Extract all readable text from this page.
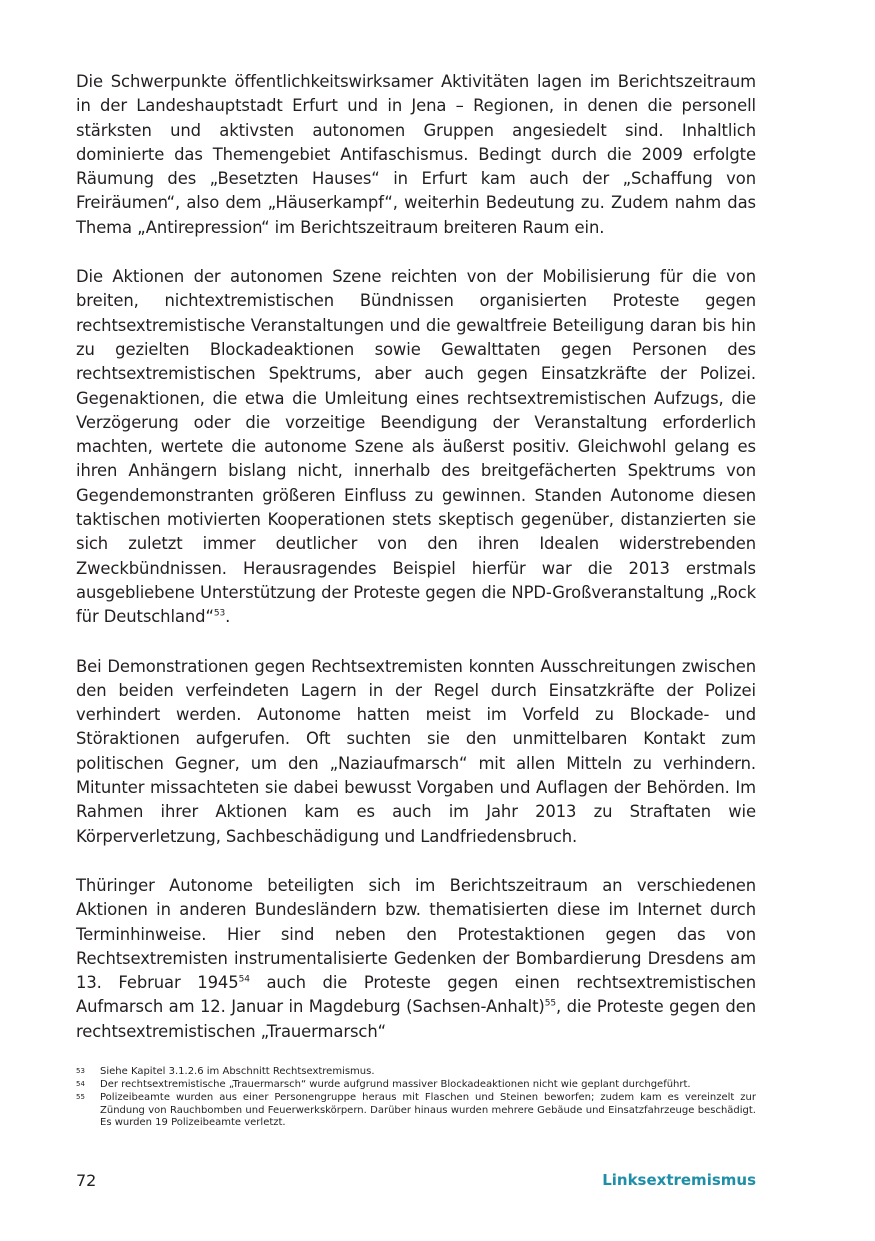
Die Schwerpunkte öffentlichkeitswirksamer Aktivitäten lagen im Berichtszeitraum in der Landeshauptstadt Erfurt und in Jena – Regionen, in denen die personell stärksten und aktivsten autonomen Gruppen angesiedelt sind. Inhaltlich dominierte das Themengebiet Antifaschismus. Bedingt durch die 2009 erfolgte Räumung des „Besetzten Hauses“ in Erfurt kam auch der „Schaffung von Freiräumen“, also dem „Häuserkampf“, weiterhin Bedeutung zu. Zudem nahm das Thema „Antirepression“ im Berichtszeitraum breiteren Raum ein.

Die Aktionen der autonomen Szene reichten von der Mobilisierung für die von breiten, nichtextremistischen Bündnissen organisierten Proteste gegen rechtsextremistische Veranstaltungen und die gewaltfreie Beteiligung daran bis hin zu gezielten Blockadeaktionen sowie Gewalttaten gegen Personen des rechtsextremistischen Spektrums, aber auch gegen Einsatzkräfte der Polizei. Gegenaktionen, die etwa die Umleitung eines rechtsextremistischen Aufzugs, die Verzögerung oder die vorzeitige Beendigung der Veranstaltung erforderlich machten, wertete die autonome Szene als äußerst positiv. Gleichwohl gelang es ihren Anhängern bislang nicht, innerhalb des breitgefächerten Spektrums von Gegendemonstranten größeren Einfluss zu gewinnen. Standen Autonome diesen taktischen motivierten Kooperationen stets skeptisch gegenüber, distanzierten sie sich zuletzt immer deutlicher von den ihren Idealen widerstrebenden Zweckbündnissen. Herausragendes Beispiel hierfür war die 2013 erstmals ausgebliebene Unterstützung der Proteste gegen die NPD-Großveranstaltung „Rock für Deutschland“$^{53}$.

Bei Demonstrationen gegen Rechtsextremisten konnten Ausschreitungen zwischen den beiden verfeindeten Lagern in der Regel durch Einsatzkräfte der Polizei verhindert werden. Autonome hatten meist im Vorfeld zu Blockade- und Störaktionen aufgerufen. Oft suchten sie den unmittelbaren Kontakt zum politischen Gegner, um den „Naziaufmarsch“ mit allen Mitteln zu verhindern. Mitunter missachteten sie dabei bewusst Vorgaben und Auflagen der Behörden. Im Rahmen ihrer Aktionen kam es auch im Jahr 2013 zu Straftaten wie Körperverletzung, Sachbeschädigung und Landfriedensbruch.

Thüringer Autonome beteiligten sich im Berichtszeitraum an verschiedenen Aktionen in anderen Bundesländern bzw. thematisierten diese im Internet durch Terminhinweise. Hier sind neben den Protestaktionen gegen das von Rechtsextremisten instrumentalisierte Gedenken der Bombardierung Dresdens am 13. Februar 1945$^{54}$ auch die Proteste gegen einen rechtsextremistischen Aufmarsch am 12. Januar in Magdeburg (Sachsen-Anhalt)$^{55}$, die Proteste gegen den rechtsextremistischen „Trauermarsch“

53	Siehe Kapitel 3.1.2.6 im Abschnitt Rechtsextremismus.
54	Der rechtsextremistische „Trauermarsch“ wurde aufgrund massiver Blockadeaktionen nicht wie geplant durchgeführt.
55	Polizeibeamte wurden aus einer Personengruppe heraus mit Flaschen und Steinen beworfen; zudem kam es vereinzelt zur Zündung von Rauchbomben und Feuerwerkskörpern. Darüber hinaus wurden mehrere Gebäude und Einsatzfahrzeuge beschädigt. Es wurden 19 Polizeibeamte verletzt.
72	Linksextremismus
